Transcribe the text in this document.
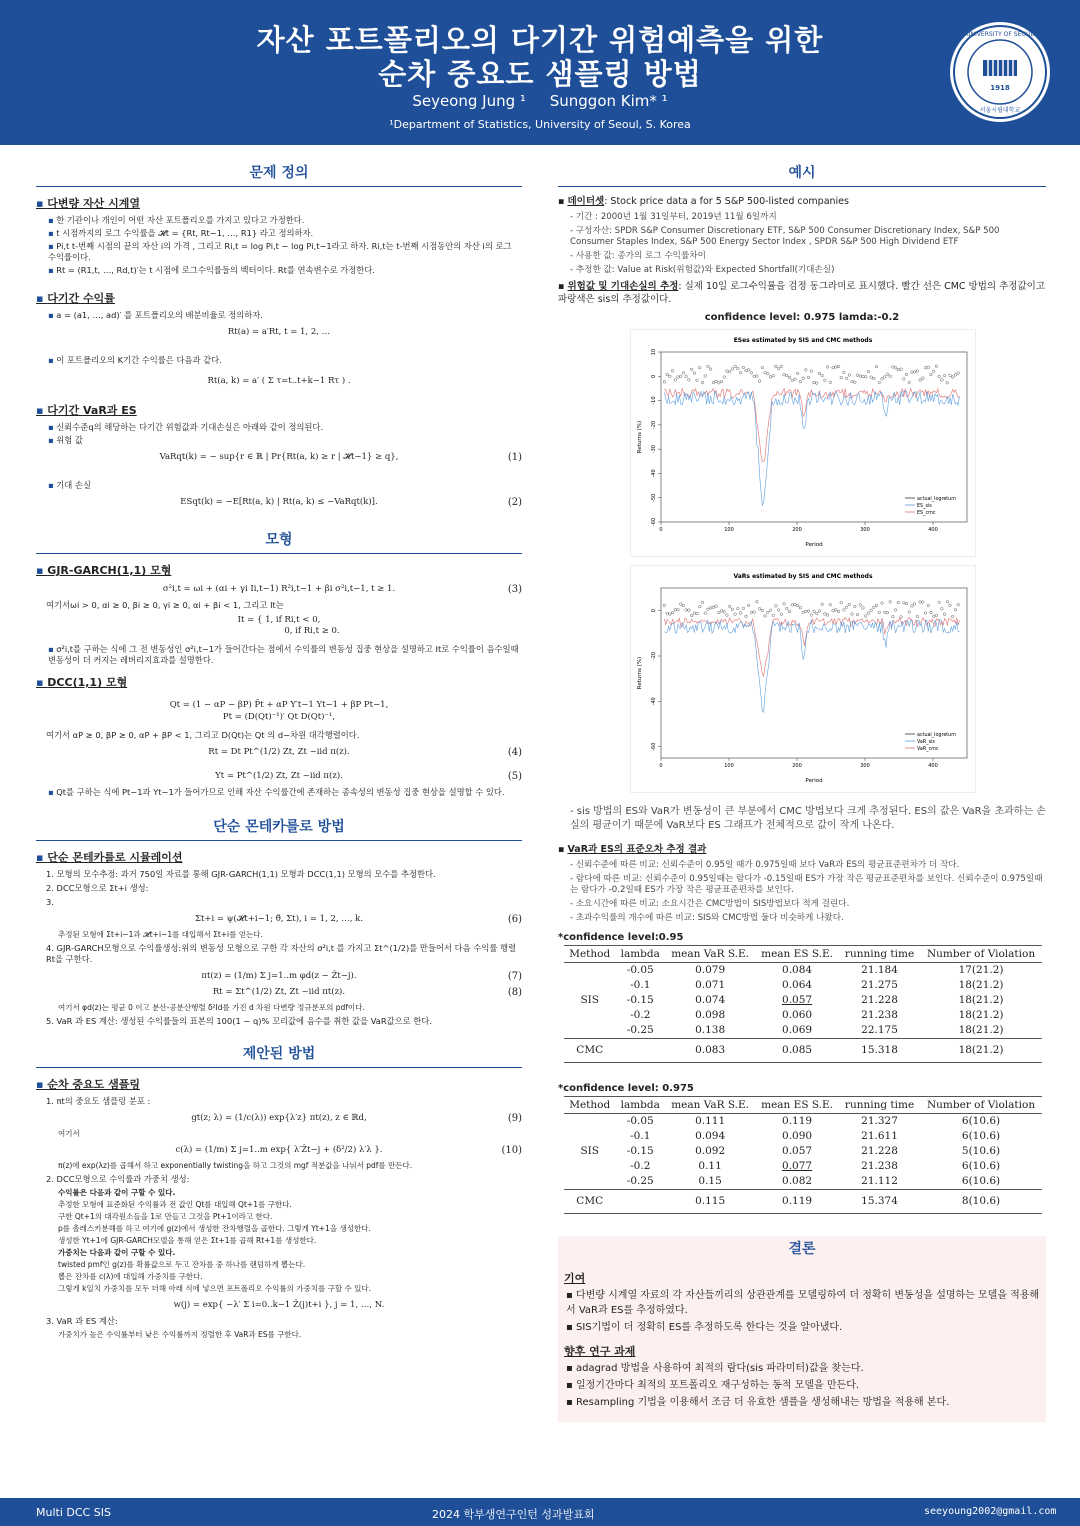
자산 포트폴리오의 다기간 위험예측을 위한
순차 중요도 샘플링 방법
Seyeong Jung ¹ Sunggon Kim* ¹
¹Department of Statistics, University of Seoul, S. Korea
1918
UNIVERSITY OF SEOUL
서울시립대학교
문제 정의
▪ 다변량 자산 시계열
▪ 한 기관이나 개인이 어떤 자산 포트폴리오를 가지고 있다고 가정한다.
▪ t 시점까지의 로그 수익률을 𝓗t = {Rt, Rt−1, …, R1} 라고 정의하자.
▪ Pi,t t-번째 시점의 끝의 자산 i의 가격 , 그리고 Ri,t = log Pi,t − log Pi,t−1라고 하자. Ri,t는 t-번째 시점동안의 자산 i의 로그 수익률이다.
▪ Rt = (R1,t, …, Rd,t)′는 t 시점에 로그수익률들의 벡터이다. Rt를 연속변수로 가정한다.
▪ 다기간 수익률
▪ a = (a1, …, ad)′ 를 포트폴리오의 배분비율로 정의하자.
Rt(a) = a′Rt, t = 1, 2, …
▪ 이 포트폴리오의 K기간 수익률은 다음과 같다.
Rt(a, k) = a′ ( Σ τ=t..t+k−1 Rτ ) .
▪ 다기간 VaR과 ES
▪ 신뢰수준q의 해당하는 다기간 위험값과 기대손실은 아래와 같이 정의된다.
▪ 위험 값
VaRqt(k) = − sup{r ∈ ℝ | Pr{Rt(a, k) ≥ r | 𝓗t−1} ≥ q},	(1)
▪ 기대 손실
ESqt(k) = −E[Rt(a, k) | Rt(a, k) ≤ −VaRqt(k)].	(2)
모형
▪ GJR-GARCH(1,1) 모형
σ²i,t = ωi + (αi + γi Ii,t−1) R²i,t−1 + βi σ²i,t−1, t ≥ 1.	(3)
여기서ωi > 0, αi ≥ 0, βi ≥ 0, γi ≥ 0, αi + βi < 1, 그리고 It는
It = { 1, if Ri,t < 0,
0, if Ri,t ≥ 0.
▪ σ²i,t를 구하는 식에 그 전 변동성인 σ²i,t−1가 들어간다는 점에서 수익률의 변동성 집중 현상을 설명하고 It로 수익률이 음수일때 변동성이 더 커지는 레버리지효과를 설명한다.
▪ DCC(1,1) 모형
Qt = (1 − αP − βP) P̄t + αP Y′t−1 Yt−1 + βP Pt−1,
Pt = (D(Qt)⁻¹)′ Qt D(Qt)⁻¹,
여기서 αP ≥ 0, βP ≥ 0, αP + βP < 1, 그리고 D(Qt)는 Qt 의 d−차원 대각행렬이다.
Rt = Dt Pt^(1/2) Zt, Zt ~iid π(z).	(4)
Yt = Pt^(1/2) Zt, Zt ~iid π(z).	(5)
▪ Qt를 구하는 식에 Pt−1과 Yt−1가 들어가므로 인해 자산 수익률간에 존재하는 종속성의 변동성 집중 현상을 설명할 수 있다.
단순 몬테카를로 방법
▪ 단순 몬테카를로 시뮬레이션
1. 모형의 모수추정: 과거 750일 자료를 통해 GJR-GARCH(1,1) 모형과 DCC(1,1) 모형의 모수를 추정한다.
2. DCC모형으로 Σt+i 생성:
3.
Σt+i = ψ(𝓗t+i−1; θ̂, Σt), i = 1, 2, …, k.	(6)
추정된 모형에 Σt+i−1과 𝓗t+i−1를 대입해서 Σt+i를 얻는다.
4. GJR-GARCH모형으로 수익률생성:위의 변동성 모형으로 구한 각 자산의 σ²i,t 를 가지고 Σt^(1/2)를 만들어서 다음 수익률 행렬Rt을 구한다.
πt(z) = (1/m) Σ j=1..m φd(z − Ẑt−j).	(7)
Rt = Σt^(1/2) Zt, Zt ~iid πt(z).	(8)
여기서 φd(z)는 평균 0 이고 분산-공분산행렬 δ²Id를 가진 d 차원 다변량 정규분포의 pdf이다.
5. VaR 과 ES 계산: 생성된 수익률들의 표본의 100(1 − q)% 꼬리값에 음수를 취한 값을 VaR값으로 한다.
제안된 방법
▪ 순차 중요도 샘플링
1. πt의 중요도 샘플링 분포 :
gt(z; λ) = (1/c(λ)) exp{λ′z} πt(z), z ∈ ℝd,	(9)
여기서
c(λ) = (1/m) Σ j=1..m exp{ λ′Ẑt−j + (δ²/2) λ′λ }.	(10)
π(z)에 exp(λz)를 곱해서 하고 exponentially twisting을 하고 그것의 mgf 적분값을 나눠서 pdf를 만든다.
2. DCC모형으로 수익률과 가중치 생성:
수익률은 다음과 같이 구할 수 있다.
추정한 모형에 표준화된 수익률과 전 값인 Qt를 대입해 Qt+1를 구한다.
구한 Qt+1의 대각원소들을 1로 만들고 그것을 Pt+1이라고 한다.
p를 촐레스키분해를 하고 여기에 g(z)에서 생성한 잔차행렬을 곱한다. 그렇게 Yt+1을 생성한다.
생성한 Yt+1에 GJR-GARCH모델을 통해 얻은 Σt+1를 곱해 Rt+1를 생성한다.
가중치는 다음과 같이 구할 수 있다.
twisted pmf인 g(z)를 확률값으로 두고 잔차를 중 하나를 랜덤하게 뽑는다.
뽑은 잔차를 c(λ)에 대입해 가중치를 구한다.
그렇게 k일치 가중치를 모두 더해 아래 식에 넣으면 포트폴리오 수익률의 가중치를 구할 수 있다.
w(j) = exp{ −λ′ Σ i=0..k−1 Ẑ(j)t+i }, j = 1, …, N.
3. VaR 과 ES 계산:
가중치가 높은 수익률부터 낮은 수익률까지 정렬한 후 VaR과 ES를 구한다.
예시
▪ 데이터셋: Stock price data a for 5 S&P 500-listed companies
- 기간 : 2000년 1월 31일부터, 2019년 11월 6일까지
- 구성자산: SPDR S&P Consumer Discretionary ETF, S&P 500 Consumer Discretionary Index, S&P 500 Consumer Staples Index, S&P 500 Energy Sector Index , SPDR S&P 500 High Dividend ETF
- 사용한 값: 종가의 로그 수익률차이
- 추정한 값: Value at Risk(위험값)와 Expected Shortfall(기대손실)
▪ 위험값 및 기대손실의 추정: 실제 10일 로그수익률을 검정 동그라미로 표시했다. 빨간 선은 CMC 방법의 추정값이고 파랑색은 sis의 추정값이다.
confidence level: 0.975 lamda:-0.2
ESes estimated by SIS and CMC methods
0	100	200	300	400
10
0
-10
-20
-30
-40
-50
-60
Period
Returns (%)
actual_logreturn
ES_sis
ES_cmc
VaRs estimated by SIS and CMC methods
0	100	200	300	400
0
-20
-40
-60
Period
Returns (%)
actual_logreturn
VaR_sis
VaR_cmc
- sis 방법의 ES와 VaR가 변동성이 큰 부분에서 CMC 방법보다 크게 추정된다. ES의 값은 VaR을 초과하는 손실의 평균이기 때문에 VaR보다 ES 그래프가 전체적으로 값이 작게 나온다.
▪ VaR과 ES의 표준오차 추정 결과
- 신뢰수준에 따른 비교: 신뢰수준이 0.95일 때가 0.975일때 보다 VaR과 ES의 평균표준편차가 더 작다.
- 람다에 따른 비교: 신뢰수준이 0.95일때는 람다가 -0.15일때 ES가 가장 작은 평균표준편차를 보인다. 신뢰수준이 0.975일때는 람다가 -0.2일때 ES가 가장 작은 평균표준편차를 보인다.
- 소요시간에 따른 비교: 소요시간은 CMC방법이 SIS방법보다 적게 걸린다.
- 초과수익률의 개수에 따른 비교: SIS와 CMC방법 둘다 비슷하게 나왔다.
*confidence level:0.95
Method	lambda	mean VaR S.E.	mean ES S.E.	running time	Number of Violation
SIS	-0.05	0.079	0.084	21.184	17(21.2)
	-0.1	0.071	0.064	21.275	18(21.2)
	-0.15	0.074	0.057	21.228	18(21.2)
	-0.2	0.098	0.060	21.238	18(21.2)
	-0.25	0.138	0.069	22.175	18(21.2)
CMC		0.083	0.085	15.318	18(21.2)
*confidence level: 0.975
Method	lambda	mean VaR S.E.	mean ES S.E.	running time	Number of Violation
SIS	-0.05	0.111	0.119	21.327	6(10.6)
	-0.1	0.094	0.090	21.611	6(10.6)
	-0.15	0.092	0.057	21.228	5(10.6)
	-0.2	0.11	0.077	21.238	6(10.6)
	-0.25	0.15	0.082	21.112	6(10.6)
CMC		0.115	0.119	15.374	8(10.6)
결론
기여
▪ 다변량 시계열 자료의 각 자산들끼리의 상관관계를 모델링하여 더 정확히 변동성을 설명하는 모델을 적용해서 VaR과 ES를 추정하였다.
▪ SIS기법이 더 정확히 ES를 추정하도록 한다는 것을 알아냈다.
향후 연구 과제
▪ adagrad 방법을 사용하여 최적의 람다(sis 파라미터)값을 찾는다.
▪ 일정기간마다 최적의 포트폴리오 재구성하는 동적 모델을 만든다.
▪ Resampling 기법을 이용해서 조금 더 유효한 샘플을 생성해내는 방법을 적용해 본다.
Multi DCC SIS	2024 학부생연구인턴 성과발표회	seeyoung2002@gmail.com
